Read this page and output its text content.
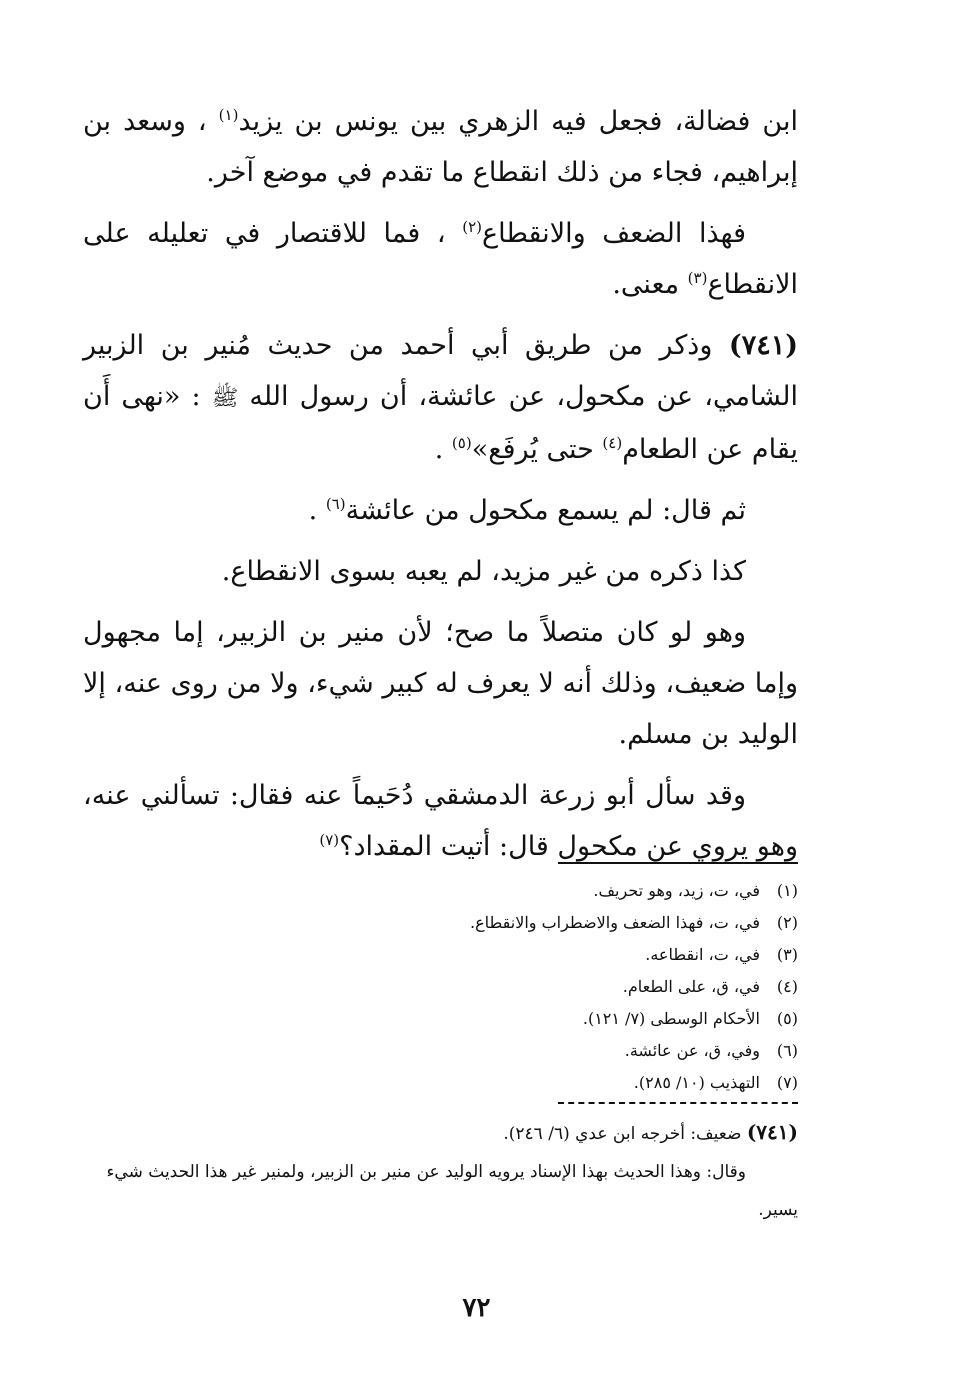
ابن فضالة، فجعل فيه الزهري بين يونس بن يزيد$^{(١)}$ ، وسعد بن إبراهيم، فجاء من ذلك انقطاع ما تقدم في موضع آخر.

فهذا الضعف والانقطاع$^{(٢)}$ ، فما للاقتصار في تعليله على الانقطاع$^{(٣)}$ معنى.

(٧٤١) وذكر من طريق أبي أحمد من حديث مُنير بن الزبير الشامي، عن مكحول، عن عائشة، أن رسول الله ﷺ : «نهى أَن يقام عن الطعام$^{(٤)}$ حتى يُرفَع»$^{(٥)}$ .

ثم قال: لم يسمع مكحول من عائشة$^{(٦)}$ .

كذا ذكره من غير مزيد، لم يعبه بسوى الانقطاع.

وهو لو كان متصلاً ما صح؛ لأن منير بن الزبير، إما مجهول وإما ضعيف، وذلك أنه لا يعرف له كبير شيء، ولا من روى عنه، إلا الوليد بن مسلم.

وقد سأل أبو زرعة الدمشقي دُحَيماً عنه فقال: تسألني عنه، وهو يروي عن مكحول قال: أتيت المقداد؟$^{(٧)}$

(١)في، ت، زيد، وهو تحريف.

(٢)في، ت، فهذا الضعف والاضطراب والانقطاع.

(٣)في، ت، انقطاعه.

(٤)في، ق، على الطعام.

(٥)الأحكام الوسطى (٧/ ١٢١).

(٦)وفي، ق، عن عائشة.

(٧)التهذيب (١٠/ ٢٨٥).

(٧٤١) ضعيف: أخرجه ابن عدي (٦/ ٢٤٦).

وقال: وهذا الحديث بهذا الإسناد يرويه الوليد عن منير بن الزبير، ولمنير غير هذا الحديث شيء يسير.

٧٢
